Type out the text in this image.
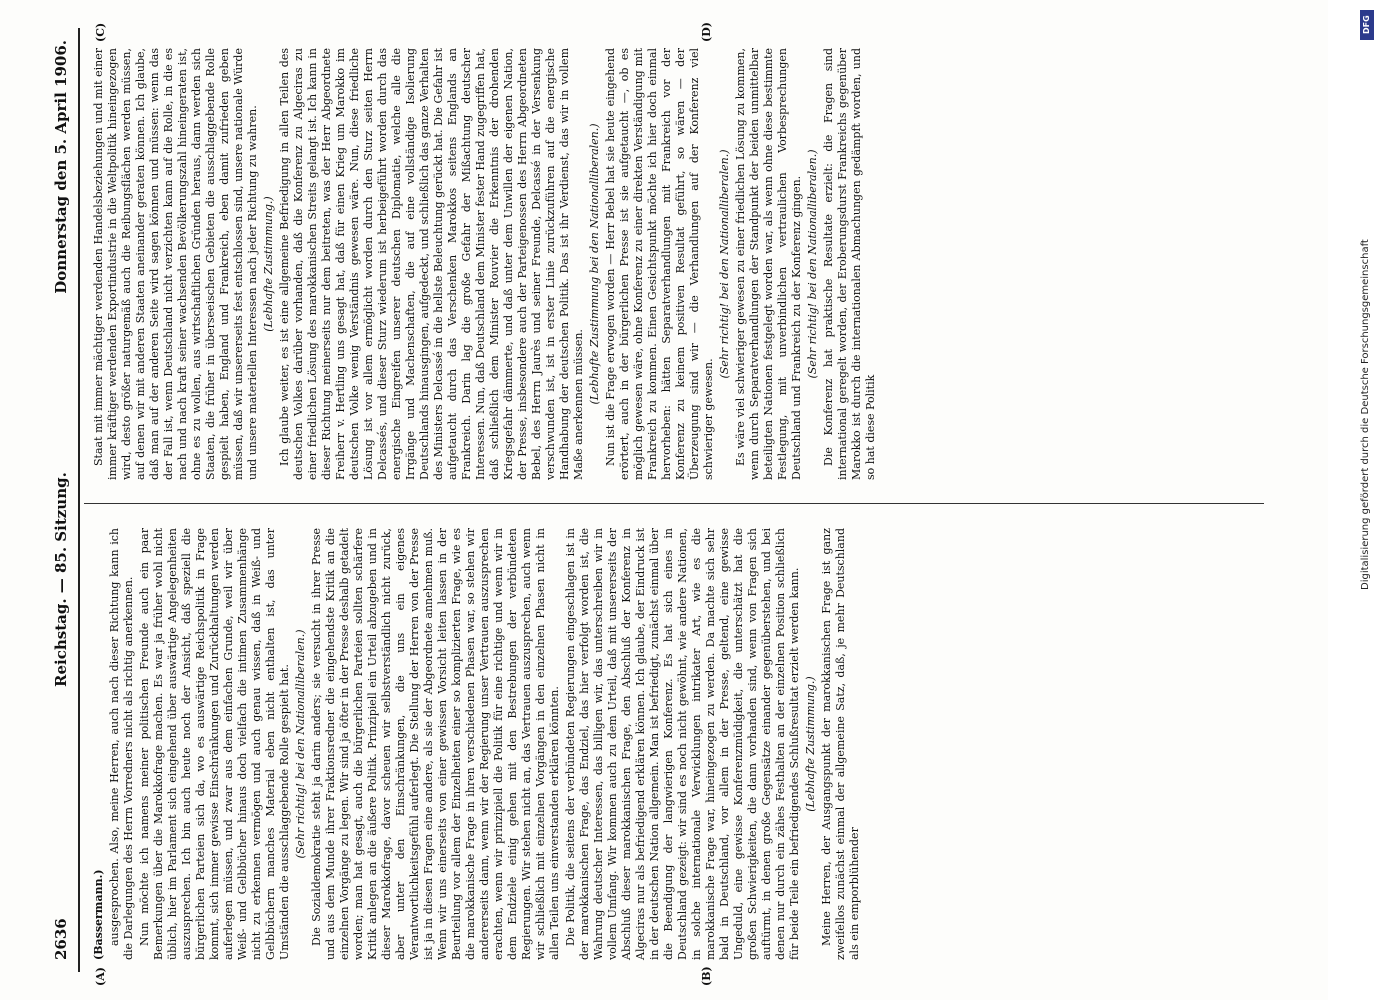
2636
Reichstag. — 85. Sitzung.
Donnerstag den 5. April 1906.
(A)	(B)
(C)	(D)

(Bassermann.) ausgesprochen. Also, meine Herren, auch nach dieser Richtung kann ich die Darlegungen des Herrn Vorredners nicht als richtig anerkennen. Nun möchte ich namens meiner politischen Freunde auch ein paar Bemerkungen über die Marokkofrage machen. Es war ja früher wohl nicht üblich, hier im Parlament sich eingehend über auswärtige Angelegenheiten auszusprechen. Ich bin auch heute noch der Ansicht, daß speziell die bürgerlichen Parteien sich da, wo es auswärtige Reichspolitik in Frage kommt, sich immer gewisse Einschränkungen und Zurückhaltungen werden auferlegen müssen, und zwar aus dem einfachen Grunde, weil wir über Weiß- und Gelbbücher hinaus doch vielfach die intimen Zusammenhänge nicht zu erkennen vermögen und auch genau wissen, daß in Weiß- und Gelbbüchern manches Material eben nicht enthalten ist, das unter Umständen die ausschlaggebende Rolle gespielt hat. (Sehr richtig! bei den Nationalliberalen.) Die Sozialdemokratie steht ja darin anders; sie versucht in ihrer Presse und aus dem Munde ihrer Fraktionsredner die eingehendste Kritik an die einzelnen Vorgänge zu legen. Wir sind ja öfter in der Presse deshalb getadelt worden; man hat gesagt, auch die bürgerlichen Parteien sollten schärfere Kritik anlegen an die äußere Politik. Prinzipiell ein Urteil abzugeben und in dieser Marokkofrage, davor scheuen wir selbstverständlich nicht zurück, aber unter den Einschränkungen, die uns ein eigenes Verantwortlichkeitsgefühl auferlegt. Die Stellung der Herren von der Presse ist ja in diesen Fragen eine andere, als sie der Abgeordnete annehmen muß. Wenn wir uns einerseits von einer gewissen Vorsicht leiten lassen in der Beurteilung vor allem der Einzelheiten einer so komplizierten Frage, wie es die marokkanische Frage in ihren verschiedenen Phasen war, so stehen wir andererseits dann, wenn wir der Regierung unser Vertrauen auszusprechen erachten, wenn wir prinzipiell die Politik für eine richtige und wenn wir in dem Endziele einig gehen mit den Bestrebungen der verbündeten Regierungen. Wir stehen nicht an, das Vertrauen auszusprechen, auch wenn wir schließlich mit einzelnen Vorgängen in den einzelnen Phasen nicht in allen Teilen uns einverstanden erklären könnten. Die Politik, die seitens der verbündeten Regierungen eingeschlagen ist in der marokkanischen Frage, das Endziel, das hier verfolgt worden ist, die Wahrung deutscher Interessen, das billigen wir, das unterschreiben wir in vollem Umfang. Wir kommen auch zu dem Urteil, daß mit unsererseits der Abschluß dieser marokkanischen Frage, den Abschluß der Konferenz in Algeciras nur als befriedigend erklären können. Ich glaube, der Eindruck ist in der deutschen Nation allgemein. Man ist befriedigt, zunächst einmal über die Beendigung der langwierigen Konferenz. Es hat sich eines in Deutschland gezeigt: wir sind es noch nicht gewöhnt, wie andere Nationen, in solche internationale Verwicklungen intrikater Art, wie es die marokkanische Frage war, hineingezogen zu werden. Da machte sich sehr bald in Deutschland, vor allem in der Presse, geltend, eine gewisse Ungeduld, eine gewisse Konferenzmüdigkeit, die unterschätzt hat die großen Schwierigkeiten, die dann vorhanden sind, wenn von Fragen sich auftürmt, in denen große Gegensätze einander gegenüberstehen, und bei denen nur durch ein zähes Festhalten an der einzelnen Position schließlich für beide Teile ein befriedigendes Schlußresultat erzielt werden kann. (Lebhafte Zustimmung.) Meine Herren, der Ausgangspunkt der marokkanischen Frage ist ganz zweifellos zunächst einmal der allgemeine Satz, daß, je mehr Deutschland als ein emporblühender

Staat mit immer mächtiger werdenden Handelsbeziehungen und mit einer immer kräftiger werdenden Exportindustrie in die Weltpolitik hineingezogen wird, desto größer naturgemäß auch die Reibungsflächen werden müssen, auf denen wir mit anderen Staaten aneinander geraten können. Ich glaube, daß man auf der anderen Seite wird sagen können und müssen: wenn das der Fall ist, wenn Deutschland nicht verzichten kann auf die Rolle, in die es nach und nach kraft seiner wachsenden Bevölkerungszahl hineingeraten ist, ohne es zu wollen, aus wirtschaftlichen Gründen heraus, dann werden sich Staaten, die früher in überseeischen Gebieten die ausschlaggebende Rolle gespielt haben, England und Frankreich, eben damit zufrieden geben müssen, daß wir unsererseits fest entschlossen sind, unsere nationale Würde und unsere materiellen Interessen nach jeder Richtung zu wahren. (Lebhafte Zustimmung.) Ich glaube weiter, es ist eine allgemeine Befriedigung in allen Teilen des deutschen Volkes darüber vorhanden, daß die Konferenz zu Algeciras zu einer friedlichen Lösung des marokkanischen Streits gelangt ist. Ich kann in dieser Richtung meinerseits nur dem beitreten, was der Herr Abgeordnete Freiherr v. Hertling uns gesagt hat, daß für einen Krieg um Marokko im deutschen Volke wenig Verständnis gewesen wäre. Nun, diese friedliche Lösung ist vor allem ermöglicht worden durch den Sturz seiten Herrn Delcassés, und dieser Sturz wiederum ist herbeigeführt worden durch das energische Eingreifen unserer deutschen Diplomatie, welche alle die Irrgänge und Machenschaften, die auf eine vollständige Isolierung Deutschlands hinausgingen, aufgedeckt, und schließlich das ganze Verhalten des Ministers Delcassé in die hellste Beleuchtung gerückt hat. Die Gefahr ist aufgetaucht durch das Verschenken Marokkos seitens Englands an Frankreich. Darin lag die große Gefahr der Mißachtung deutscher Interessen. Nun, daß Deutschland dem Minister fester Hand zugegriffen hat, daß schließlich dem Minister Rouvier die Erkenntnis der drohenden Kriegsgefahr dämmerte, und daß unter dem Unwillen der eigenen Nation, der Presse, insbesondere auch der Parteigenossen des Herrn Abgeordneten Bebel, des Herrn Jaurès und seiner Freunde, Delcassé in der Versenkung verschwunden ist, ist in erster Linie zurückzuführen auf die energische Handhabung der deutschen Politik. Das ist ihr Verdienst, das wir in vollem Maße anerkennen müssen. (Lebhafte Zustimmung bei den Nationalliberalen.) Nun ist die Frage erwogen worden — Herr Bebel hat sie heute eingehend erörtert, auch in der bürgerlichen Presse ist sie aufgetaucht —, ob es möglich gewesen wäre, ohne Konferenz zu einer direkten Verständigung mit Frankreich zu kommen. Einen Gesichtspunkt möchte ich hier doch einmal hervorheben: hätten Separatverhandlungen mit Frankreich vor der Konferenz zu keinem positiven Resultat geführt, so wären — der Überzeugung sind wir — die Verhandlungen auf der Konferenz viel schwieriger gewesen.

(Sehr richtig! bei den Nationalliberalen.) Es wäre viel schwieriger gewesen zu einer friedlichen Lösung zu kommen, wenn durch Separatverhandlungen der Standpunkt der beiden unmittelbar beteiligten Nationen festgelegt worden war, als wenn ohne diese bestimmte Festlegung, mit unverbindlichen vertraulichen Vorbesprechungen Deutschland und Frankreich zu der Konferenz gingen. (Sehr richtig! bei den Nationalliberalen.) Die Konferenz hat praktische Resultate erzielt: die Fragen sind international geregelt worden, der Eroberungsdurst Frankreichs gegenüber Marokko ist durch die internationalen Abmachungen gedämpft worden, und so hat diese Politik

DFG
Digitalisierung gefördert durch die Deutsche Forschungsgemeinschaft
